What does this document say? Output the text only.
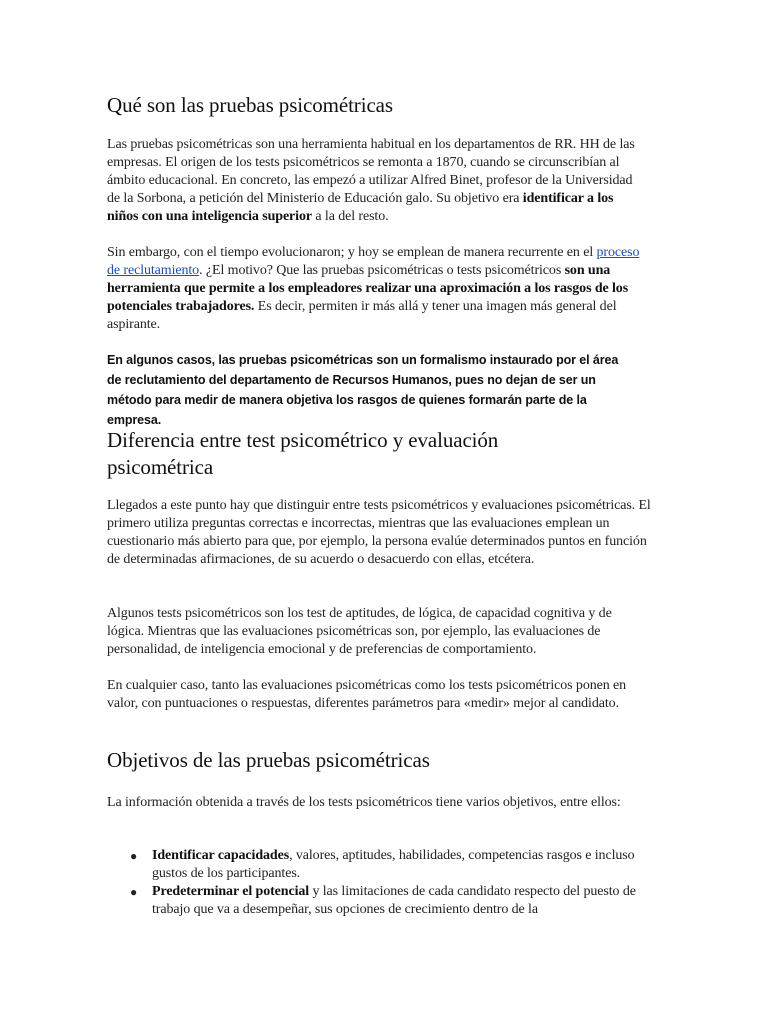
Qué son las pruebas psicométricas

Las pruebas psicométricas son una herramienta habitual en los departamentos de RR. HH de las empresas. El origen de los tests psicométricos se remonta a 1870, cuando se circunscribían al ámbito educacional. En concreto, las empezó a utilizar Alfred Binet, profesor de la Universidad de la Sorbona, a petición del Ministerio de Educación galo. Su objetivo era identificar a los niños con una inteligencia superior a la del resto.

Sin embargo, con el tiempo evolucionaron; y hoy se emplean de manera recurrente en el proceso de reclutamiento. ¿El motivo? Que las pruebas psicométricas o tests psicométricos son una herramienta que permite a los empleadores realizar una aproximación a los rasgos de los potenciales trabajadores. Es decir, permiten ir más allá y tener una imagen más general del aspirante.

En algunos casos, las pruebas psicométricas son un formalismo instaurado por el área de reclutamiento del departamento de Recursos Humanos, pues no dejan de ser un método para medir de manera objetiva los rasgos de quienes formarán parte de la empresa.

Diferencia entre test psicométrico y evaluación psicométrica

Llegados a este punto hay que distinguir entre tests psicométricos y evaluaciones psicométricas. El primero utiliza preguntas correctas e incorrectas, mientras que las evaluaciones emplean un cuestionario más abierto para que, por ejemplo, la persona evalúe determinados puntos en función de determinadas afirmaciones, de su acuerdo o desacuerdo con ellas, etcétera.

Algunos tests psicométricos son los test de aptitudes, de lógica, de capacidad cognitiva y de lógica. Mientras que las evaluaciones psicométricas son, por ejemplo, las evaluaciones de personalidad, de inteligencia emocional y de preferencias de comportamiento.

En cualquier caso, tanto las evaluaciones psicométricas como los tests psicométricos ponen en valor, con puntuaciones o respuestas, diferentes parámetros para «medir» mejor al candidato.

Objetivos de las pruebas psicométricas

La información obtenida a través de los tests psicométricos tiene varios objetivos, entre ellos:

● Identificar capacidades, valores, aptitudes, habilidades, competencias rasgos e incluso gustos de los participantes.
● Predeterminar el potencial y las limitaciones de cada candidato respecto del puesto de trabajo que va a desempeñar, sus opciones de crecimiento dentro de la
